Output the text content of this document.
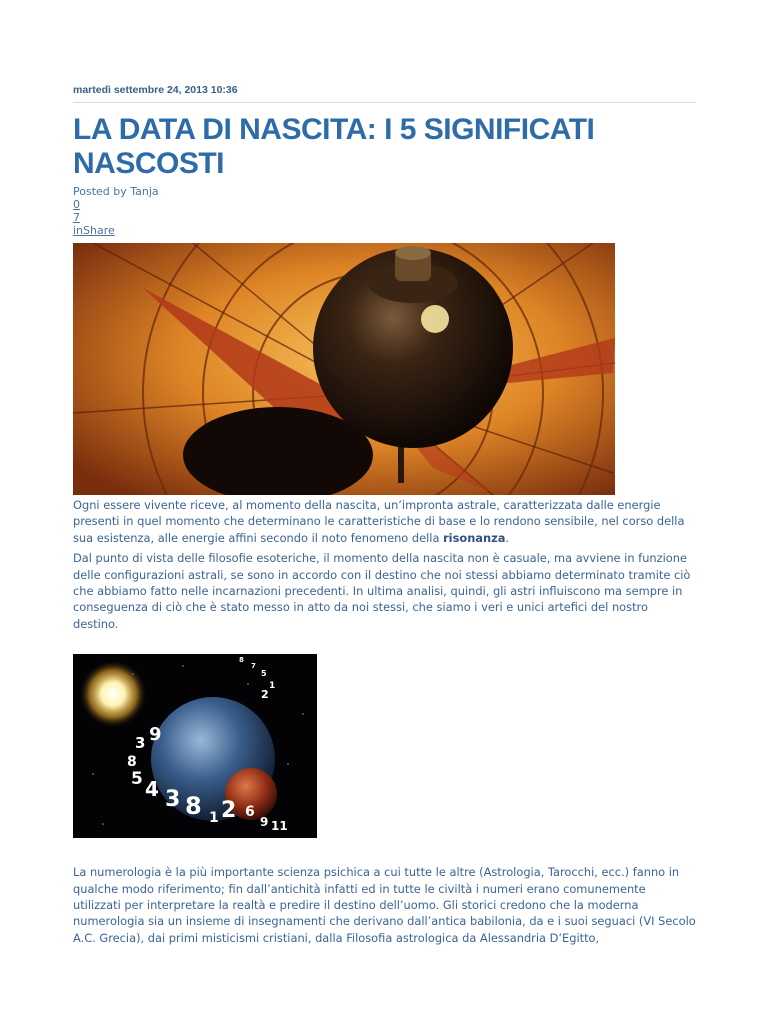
martedì settembre 24, 2013 10:36
LA DATA DI NASCITA: I 5 SIGNIFICATI NASCOSTI
Posted by Tanja
0
7
inShare

Ogni essere vivente riceve, al momento della nascita, un’impronta astrale, caratterizzata dalle energie presenti in quel momento che determinano le caratteristiche di base e lo rendono sensibile, nel corso della sua esistenza, alle energie affini secondo il noto fenomeno della risonanza.

Dal punto di vista delle filosofie esoteriche, il momento della nascita non è casuale, ma avviene in funzione delle configurazioni astrali, se sono in accordo con il destino che noi stessi abbiamo determinato tramite ciò che abbiamo fatto nelle incarnazioni precedenti. In ultima analisi, quindi, gli astri influiscono ma sempre in conseguenza di ciò che è stato messo in atto da noi stessi, che siamo i veri e unici artefici del nostro destino.

3 9
8
5 4 3 8 1 2 6
9 11
8
7
5
1
2

La numerologia è la più importante scienza psichica a cui tutte le altre (Astrologia, Tarocchi, ecc.) fanno in qualche modo riferimento; fin dall’antichità infatti ed in tutte le civiltà i numeri erano comunemente utilizzati per interpretare la realtà e predire il destino dell’uomo. Gli storici credono che la moderna numerologia sia un insieme di insegnamenti che derivano dall’antica babilonia, da e i suoi seguaci (VI Secolo A.C. Grecia), dai primi misticismi cristiani, dalla Filosofia astrologica da Alessandria D’Egitto,
